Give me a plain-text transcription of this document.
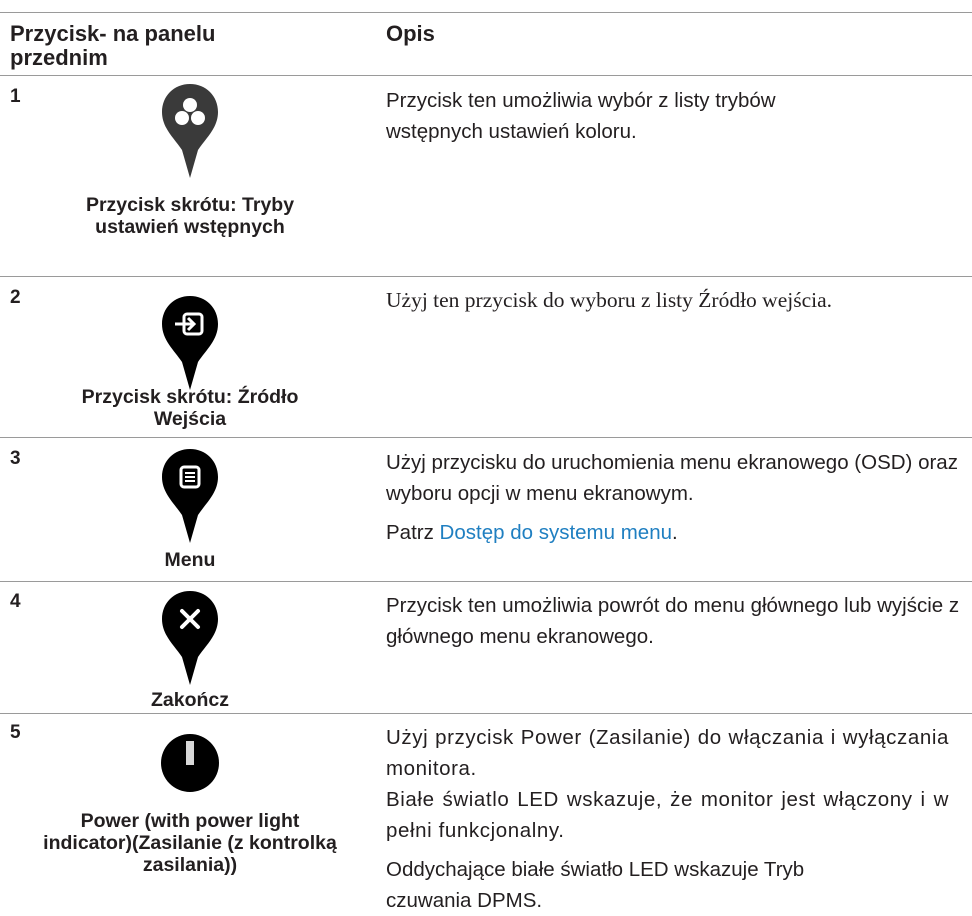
Przycisk- na panelu przednim
Opis
1
Przycisk skrótu: Tryby ustawień wstępnych

Przycisk ten umożliwia wybór z listy trybów wstępnych ustawień koloru.

2
Przycisk skrótu: Źródło Wejścia

Użyj ten przycisk do wyboru z listy Źródło wejścia.

3
Menu

Użyj przycisku do uruchomienia menu ekranowego (OSD) oraz wyboru opcji w menu ekranowym.

Patrz Dostęp do systemu menu.

4
Zakończ

Przycisk ten umożliwia powrót do menu głównego lub wyjście z głównego menu ekranowego.

5
Power (with power light indicator)(Zasilanie (z kontrolką zasilania))

Użyj przycisk Power (Zasilanie) do włączania i wyłączania monitora.

Białe światlo LED wskazuje, że monitor jest włączony i w pełni funkcjonalny.

Oddychające białe światło LED wskazuje Tryb czuwania DPMS.
